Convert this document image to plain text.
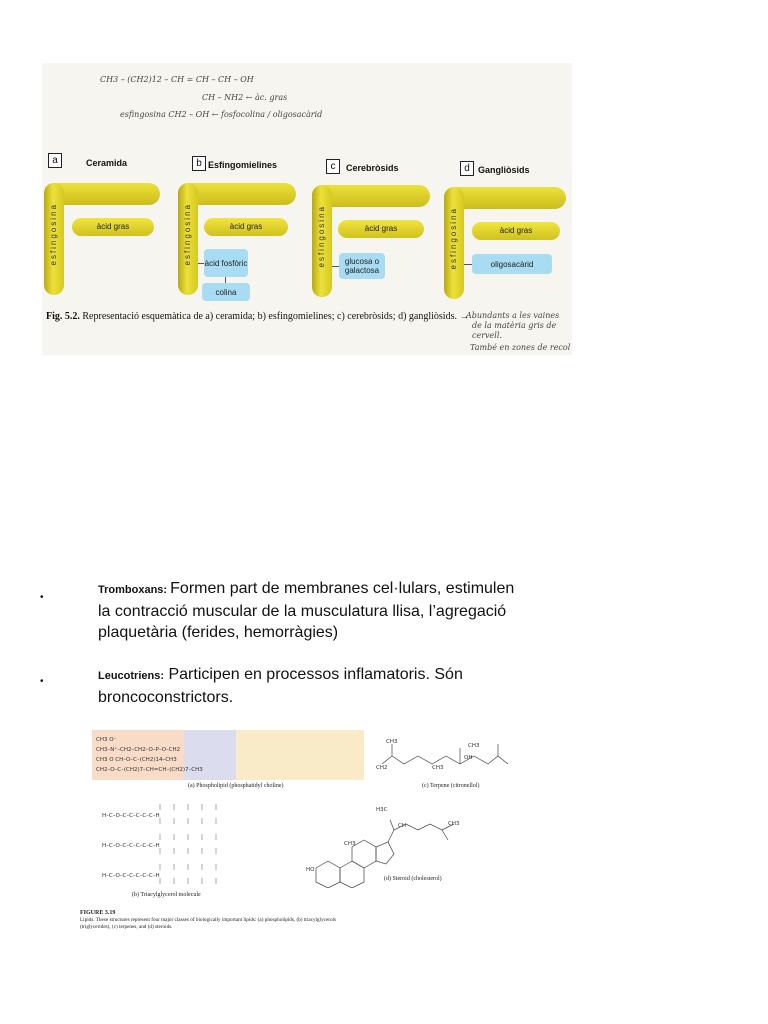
CH3 – (CH2)12 – CH = CH – CH – OH
CH – NH2 ← àc. gras
esfingosina CH2 – OH ← fosfocolina / oligosacàrid
a	Ceramida
esfingosina	àcid gras
b Esfingomielines
esfingosina	àcid gras
àcid fosfòric
colina
c	Cerebròsids
esfingosina	àcid gras
glucosa o galactosa
d Gangliòsids
esfingosina	àcid gras
oligosacàrid
Fig. 5.2. Representació esquemàtica de a) ceramida; b) esfingomielines; c) cerebròsids; d) gangliòsids. →
Abundants a les vaines
de la matèria gris de
cervell.
També en zones de recol
•
Tromboxans: Formen part de membranes cel·lulars, estimulen la contracció muscular de la musculatura llisa, l’agregació plaquetària (ferides, hemorràgies)
•	Leucotriens: Participen en processos inflamatoris. Són broncoconstrictors.
CH3 O⁻
CH3–N⁺–CH2–CH2–O–P–O–CH2
CH3 O CH–O–C–(CH2)14–CH3
CH2–O–C–(CH2)7–CH=CH–(CH2)7–CH3
(a) Phospholipid (phosphatidyl choline)
CH3
CH2
CH3
CH3
OH
(c) Terpene (citronellol)
H–C–O–C–C–C–C–C–H
H–C–O–C–C–C–C–C–H
H–C–O–C–C–C–C–C–H
(b) Triacylglycerol molecule
H3C
CH	CH3
CH3
HO
(d) Steroid (cholesterol)
FIGURE 3.19
Lipids. These structures represent four major classes of biologically important lipids: (a) phospholipids, (b) triacylglycerols
(triglycerides), (c) terpenes, and (d) steroids.
